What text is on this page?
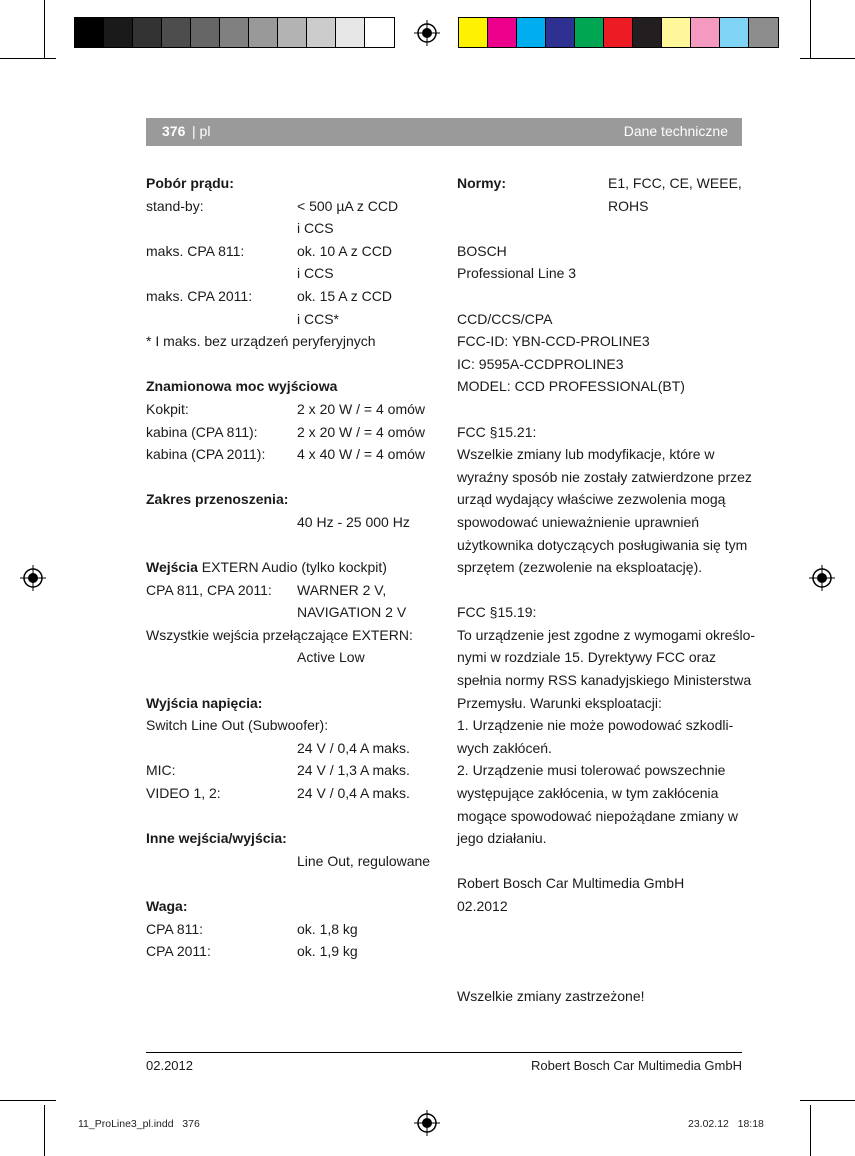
376 | pl	Dane techniczne
Pobór prądu:
stand-by:	< 500 µA z CCD
i CCS
maks. CPA 811:	ok. 10 A z CCD
i CCS
maks. CPA 2011:	ok. 15 A z CCD
i CCS*
* I maks. bez urządzeń peryferyjnych
Znamionowa moc wyjściowa
Kokpit:	2 x 20 W / = 4 omów
kabina (CPA 811):	2 x 20 W / = 4 omów
kabina (CPA 2011):	4 x 40 W / = 4 omów
Zakres przenoszenia:
40 Hz - 25 000 Hz
Wejścia EXTERN Audio (tylko kockpit)
CPA 811, CPA 2011:	WARNER 2 V,
NAVIGATION 2 V
Wszystkie wejścia przełączające EXTERN:
Active Low
Wyjścia napięcia:
Switch Line Out (Subwoofer):
24 V / 0,4 A maks.
MIC:	24 V / 1,3 A maks.
VIDEO 1, 2:	24 V / 0,4 A maks.
Inne wejścia/wyjścia:
Line Out, regulowane
Waga:
CPA 811:	ok. 1,8 kg
CPA 2011:	ok. 1,9 kg
Normy:	E1, FCC, CE, WEEE,
ROHS
BOSCH
Professional Line 3
CCD/CCS/CPA
FCC-ID: YBN-CCD-PROLINE3
IC: 9595A-CCDPROLINE3
MODEL: CCD PROFESSIONAL(BT)
FCC §15.21:
Wszelkie zmiany lub modyfikacje, które w
wyraźny sposób nie zostały zatwierdzone przez
urząd wydający właściwe zezwolenia mogą
spowodować unieważnienie uprawnień
użytkownika dotyczących posługiwania się tym
sprzętem (zezwolenie na eksploatację).
FCC §15.19:
To urządzenie jest zgodne z wymogami określo-
nymi w rozdziale 15. Dyrektywy FCC oraz
spełnia normy RSS kanadyjskiego Ministerstwa
Przemysłu. Warunki eksploatacji:
1. Urządzenie nie może powodować szkodli-
wych zakłóceń.
2. Urządzenie musi tolerować powszechnie
występujące zakłócenia, w tym zakłócenia
mogące spowodować niepożądane zmiany w
jego działaniu.
Robert Bosch Car Multimedia GmbH
02.2012
Wszelkie zmiany zastrzeżone!
02.2012	Robert Bosch Car Multimedia GmbH
11_ProLine3_pl.indd   376	23.02.12   18:18
